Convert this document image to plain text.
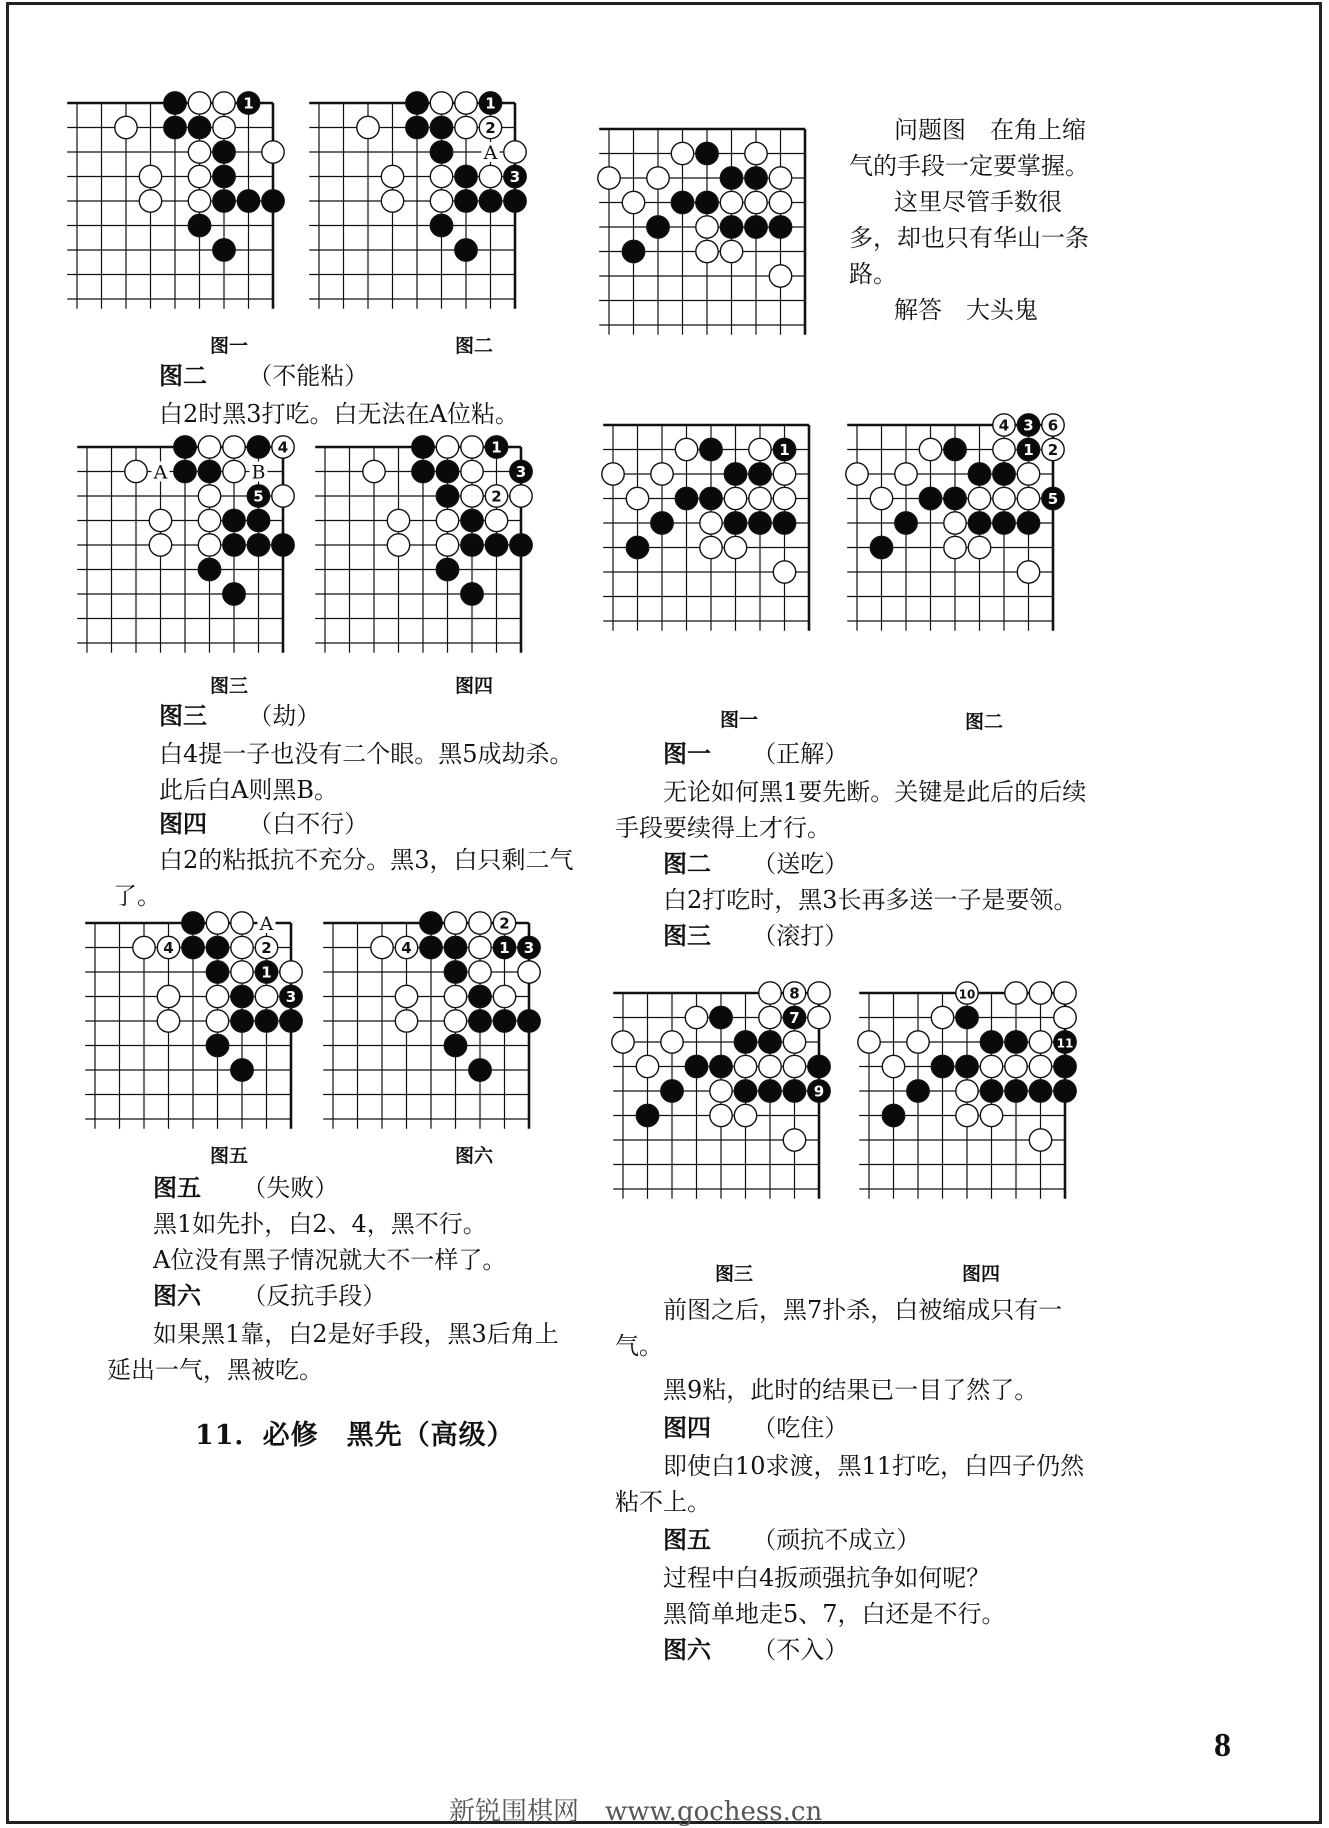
1
A
1
2
3
图一	图二
图二 （不能粘）
白2时黑3打吃。白无法在A位粘。
A	B
4
5
1
3
2
图三	图四
图三 （劫）
白4提一子也没有二个眼。黑5成劫杀。
此后白A则黑B。
图四 （白不行）
白2的粘抵抗不充分。黑3，白只剩二气
了。
A
4	2
1
3
2
4	1 3
图五	图六
图五 （失败）
黑1如先扑，白2、4，黑不行。
A位没有黑子情况就大不一样了。
图六 （反抗手段）
如果黑1靠，白2是好手段，黑3后角上
延出一气，黑被吃。
11．必修　黑先（高级）
问题图　在角上缩
气的手段一定要掌握。
这里尽管手数很
多，却也只有华山一条
路。
解答　大头鬼
1
4 3 6
1 2
5
图一	图二
图一 （正解）
无论如何黑1要先断。关键是此后的后续
手段要续得上才行。
图二 （送吃）
白2打吃时，黑3长再多送一子是要领。
图三 （滚打）
8
7
9
10
11
图三	图四
前图之后，黑7扑杀，白被缩成只有一
气。
黑9粘，此时的结果已一目了然了。
图四 （吃住）
即使白10求渡，黑11打吃，白四子仍然
粘不上。
图五 （顽抗不成立）
过程中白4扳顽强抗争如何呢？
黑简单地走5、7，白还是不行。
图六 （不入）
8
新锐围棋网　www.gochess.cn
